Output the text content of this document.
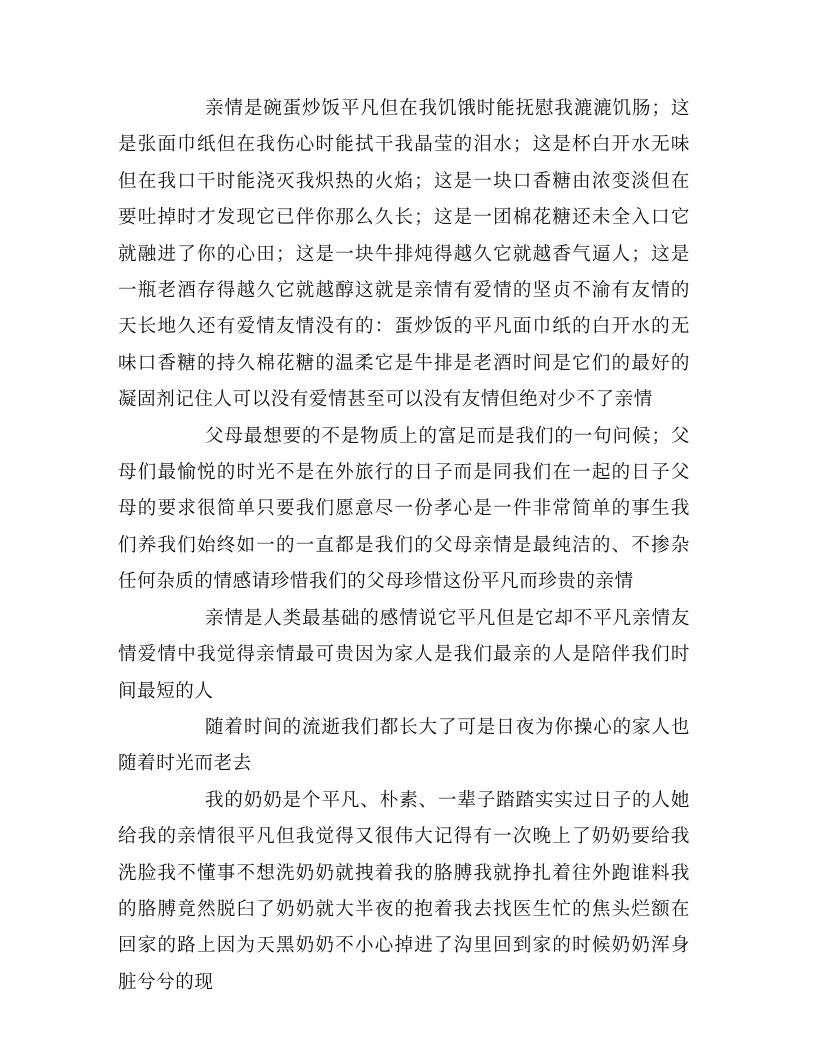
亲情是碗蛋炒饭平凡但在我饥饿时能抚慰我漉漉饥肠；这是张面巾纸但在我伤心时能拭干我晶莹的泪水；这是杯白开水无味但在我口干时能浇灭我炽热的火焰；这是一块口香糖由浓变淡但在要吐掉时才发现它已伴你那么久长；这是一团棉花糖还未全入口它就融进了你的心田；这是一块牛排炖得越久它就越香气逼人；这是一瓶老酒存得越久它就越醇这就是亲情有爱情的坚贞不渝有友情的天长地久还有爱情友情没有的：蛋炒饭的平凡面巾纸的白开水的无味口香糖的持久棉花糖的温柔它是牛排是老酒时间是它们的最好的凝固剂记住人可以没有爱情甚至可以没有友情但绝对少不了亲情

父母最想要的不是物质上的富足而是我们的一句问候；父母们最愉悦的时光不是在外旅行的日子而是同我们在一起的日子父母的要求很简单只要我们愿意尽一份孝心是一件非常简单的事生我们养我们始终如一的一直都是我们的父母亲情是最纯洁的、不掺杂任何杂质的情感请珍惜我们的父母珍惜这份平凡而珍贵的亲情

亲情是人类最基础的感情说它平凡但是它却不平凡亲情友情爱情中我觉得亲情最可贵因为家人是我们最亲的人是陪伴我们时间最短的人

随着时间的流逝我们都长大了可是日夜为你操心的家人也随着时光而老去

我的奶奶是个平凡、朴素、一辈子踏踏实实过日子的人她给我的亲情很平凡但我觉得又很伟大记得有一次晚上了奶奶要给我洗脸我不懂事不想洗奶奶就拽着我的胳膊我就挣扎着往外跑谁料我的胳膊竟然脱臼了奶奶就大半夜的抱着我去找医生忙的焦头烂额在回家的路上因为天黑奶奶不小心掉进了沟里回到家的时候奶奶浑身脏兮兮的现
